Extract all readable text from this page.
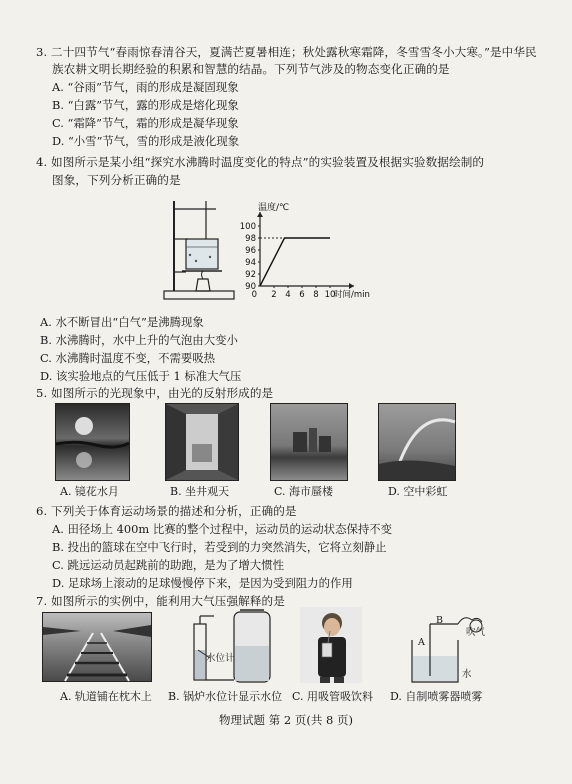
3. 二十四节气“春雨惊春清谷天，夏满芒夏暑相连；秋处露秋寒霜降，冬雪雪冬小大寒。”是中华民
族农耕文明长期经验的积累和智慧的结晶。下列节气涉及的物态变化正确的是
A. “谷雨”节气，雨的形成是凝固现象
B. “白露”节气，露的形成是熔化现象
C. “霜降”节气，霜的形成是凝华现象
D. “小雪”节气，雪的形成是液化现象
4. 如图所示是某小组“探究水沸腾时温度变化的特点”的实验装置及根据实验数据绘制的
图象，下列分析正确的是
100
98
96
94
92
90
2 4 6 8 10
0
温度/℃
时间/min
A. 水不断冒出“白气”是沸腾现象
B. 水沸腾时，水中上升的气泡由大变小
C. 水沸腾时温度不变，不需要吸热
D. 该实验地点的气压低于 1 标准大气压
5. 如图所示的光现象中，由光的反射形成的是
A. 镜花水月	B. 坐井观天	C. 海市蜃楼	D. 空中彩虹
6. 下列关于体育运动场景的描述和分析，正确的是
A. 田径场上 400m 比赛的整个过程中，运动员的运动状态保持不变
B. 投出的篮球在空中飞行时，若受到的力突然消失，它将立刻静止
C. 跳远运动员起跳前的助跑，是为了增大惯性
D. 足球场上滚动的足球慢慢停下来，是因为受到阻力的作用
7. 如图所示的实例中，能利用大气压强解释的是
水位计
A
B
吹气
水
A. 轨道铺在枕木上 B. 锅炉水位计显示水位 C. 用吸管吸饮料 D. 自制喷雾器喷雾
物理试题 第 2 页(共 8 页)
